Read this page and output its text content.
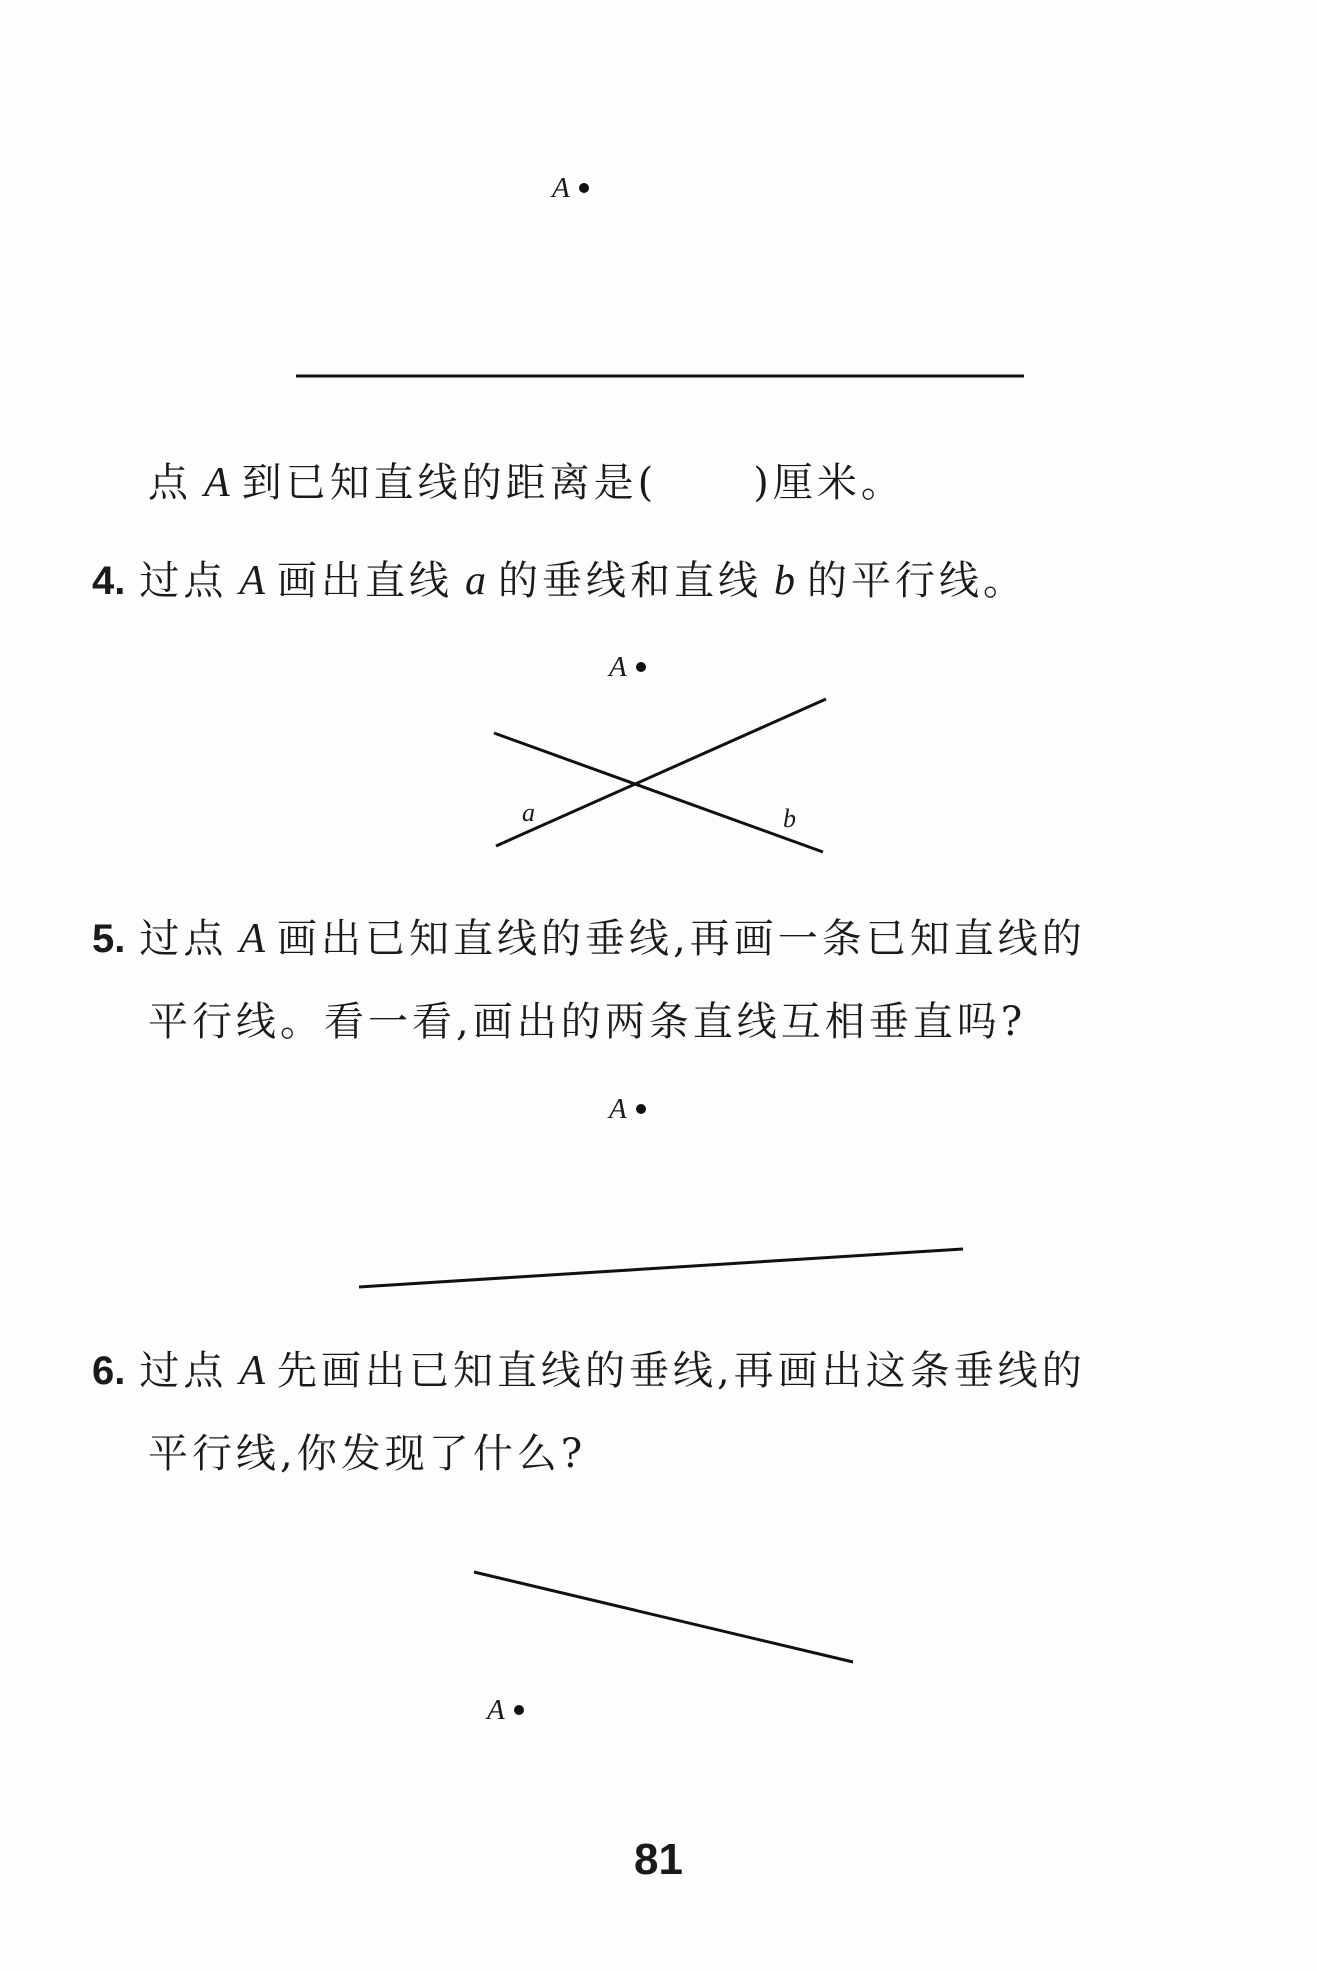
A
点 A 到已知直线的距离是( )厘米。
4. 过点 A 画出直线 a 的垂线和直线 b 的平行线。
A
a	b
5. 过点 A 画出已知直线的垂线,再画一条已知直线的
平行线。看一看,画出的两条直线互相垂直吗?
A
6. 过点 A 先画出已知直线的垂线,再画出这条垂线的
平行线,你发现了什么?
A
81
